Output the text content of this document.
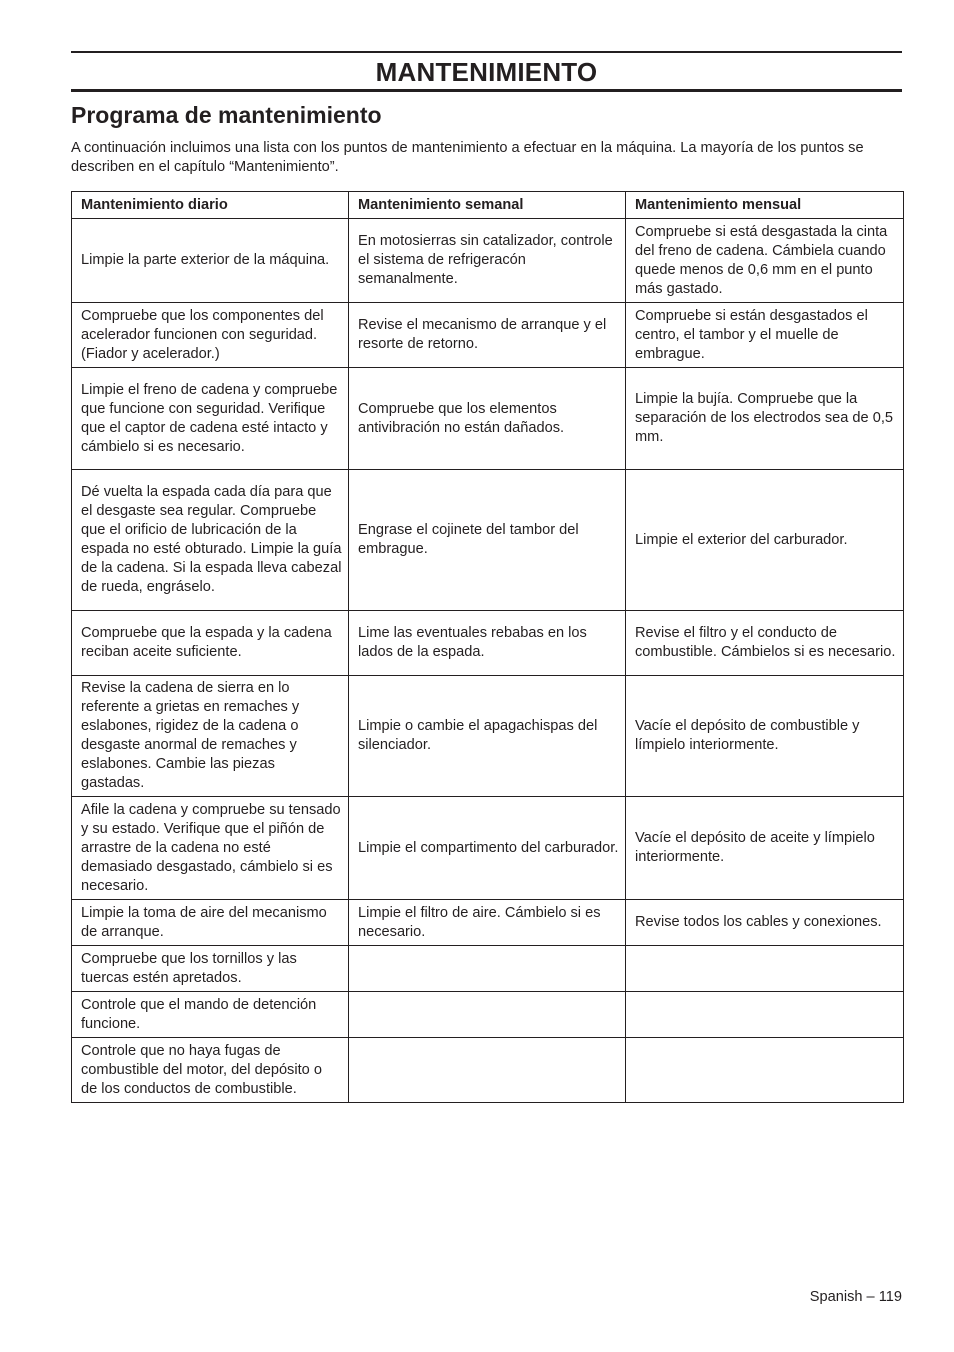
MANTENIMIENTO
Programa de mantenimiento
A continuación incluimos una lista con los puntos de mantenimiento a efectuar en la máquina. La mayoría de los puntos se describen en el capítulo “Mantenimiento”.
Mantenimiento diario	Mantenimiento semanal	Mantenimiento mensual
Limpie la parte exterior de la máquina.	En motosierras sin catalizador, controle el sistema de refrigeracón semanalmente.	Compruebe si está desgastada la cinta del freno de cadena. Cámbiela cuando quede menos de 0,6 mm en el punto más gastado.
Compruebe que los componentes del acelerador funcionen con seguridad. (Fiador y acelerador.)	Revise el mecanismo de arranque y el resorte de retorno.	Compruebe si están desgastados el centro, el tambor y el muelle de embrague.
Limpie el freno de cadena y compruebe que funcione con seguridad. Verifique que el captor de cadena esté intacto y cámbielo si es necesario.	Compruebe que los elementos antivibración no están dañados.	Limpie la bujía. Compruebe que la separación de los electrodos sea de 0,5 mm.
Dé vuelta la espada cada día para que el desgaste sea regular. Compruebe que el orificio de lubricación de la espada no esté obturado. Limpie la guía de la cadena. Si la espada lleva cabezal de rueda, engráselo.	Engrase el cojinete del tambor del embrague.	Limpie el exterior del carburador.
Compruebe que la espada y la cadena reciban aceite suficiente.	Lime las eventuales rebabas en los lados de la espada.	Revise el filtro y el conducto de combustible. Cámbielos si es necesario.
Revise la cadena de sierra en lo referente a grietas en remaches y eslabones, rigidez de la cadena o desgaste anormal de remaches y eslabones. Cambie las piezas gastadas.	Limpie o cambie el apagachispas del silenciador.	Vacíe el depósito de combustible y límpielo interiormente.
Afile la cadena y compruebe su tensado y su estado. Verifique que el piñón de arrastre de la cadena no esté demasiado desgastado, cámbielo si es necesario.	Limpie el compartimento del carburador.	Vacíe el depósito de aceite y límpielo interiormente.
Limpie la toma de aire del mecanismo de arranque.	Limpie el filtro de aire. Cámbielo si es necesario.	Revise todos los cables y conexiones.
Compruebe que los tornillos y las tuercas estén apretados.		
Controle que el mando de detención funcione.		
Controle que no haya fugas de combustible del motor, del depósito o de los conductos de combustible.		
Spanish – 119
